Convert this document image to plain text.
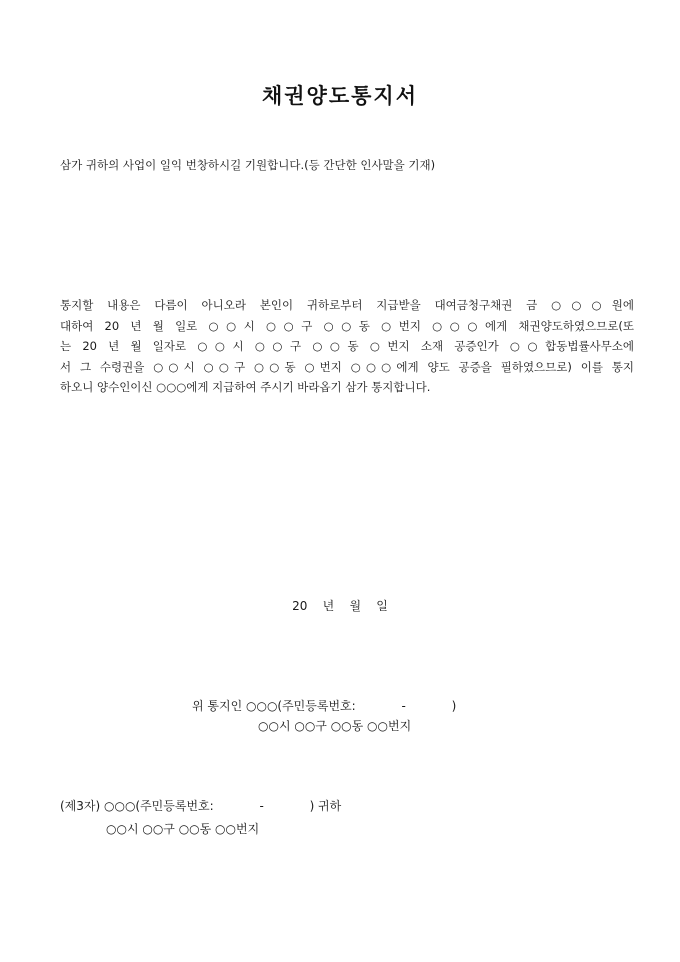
채권양도통지서
삼가 귀하의 사업이 일익 번창하시길 기원합니다.(등 간단한 인사말을 기재)
통지할 내용은 다름이 아니오라 본인이 귀하로부터 지급받을 대여금청구채권 금 ○○○원에
대하여 20 년 월 일로 ○○시 ○○구 ○○동 ○번지 ○○○에게 채권양도하였으므로(또
는 20 년 월 일자로 ○○시 ○○구 ○○동 ○번지 소재 공증인가 ○○합동법률사무소에
서 그 수령권을 ○○시 ○○구 ○○동 ○번지 ○○○에게 양도 공증을 필하였으므로) 이를 통지
하오니 양수인이신 ○○○에게 지급하여 주시기 바라옵기 삼가 통지합니다.
20    년    월    일
위 통지인 ○○○(주민등록번호:            -            )
○○시 ○○구 ○○동 ○○번지
(제3자) ○○○(주민등록번호:            -            ) 귀하
○○시 ○○구 ○○동 ○○번지
